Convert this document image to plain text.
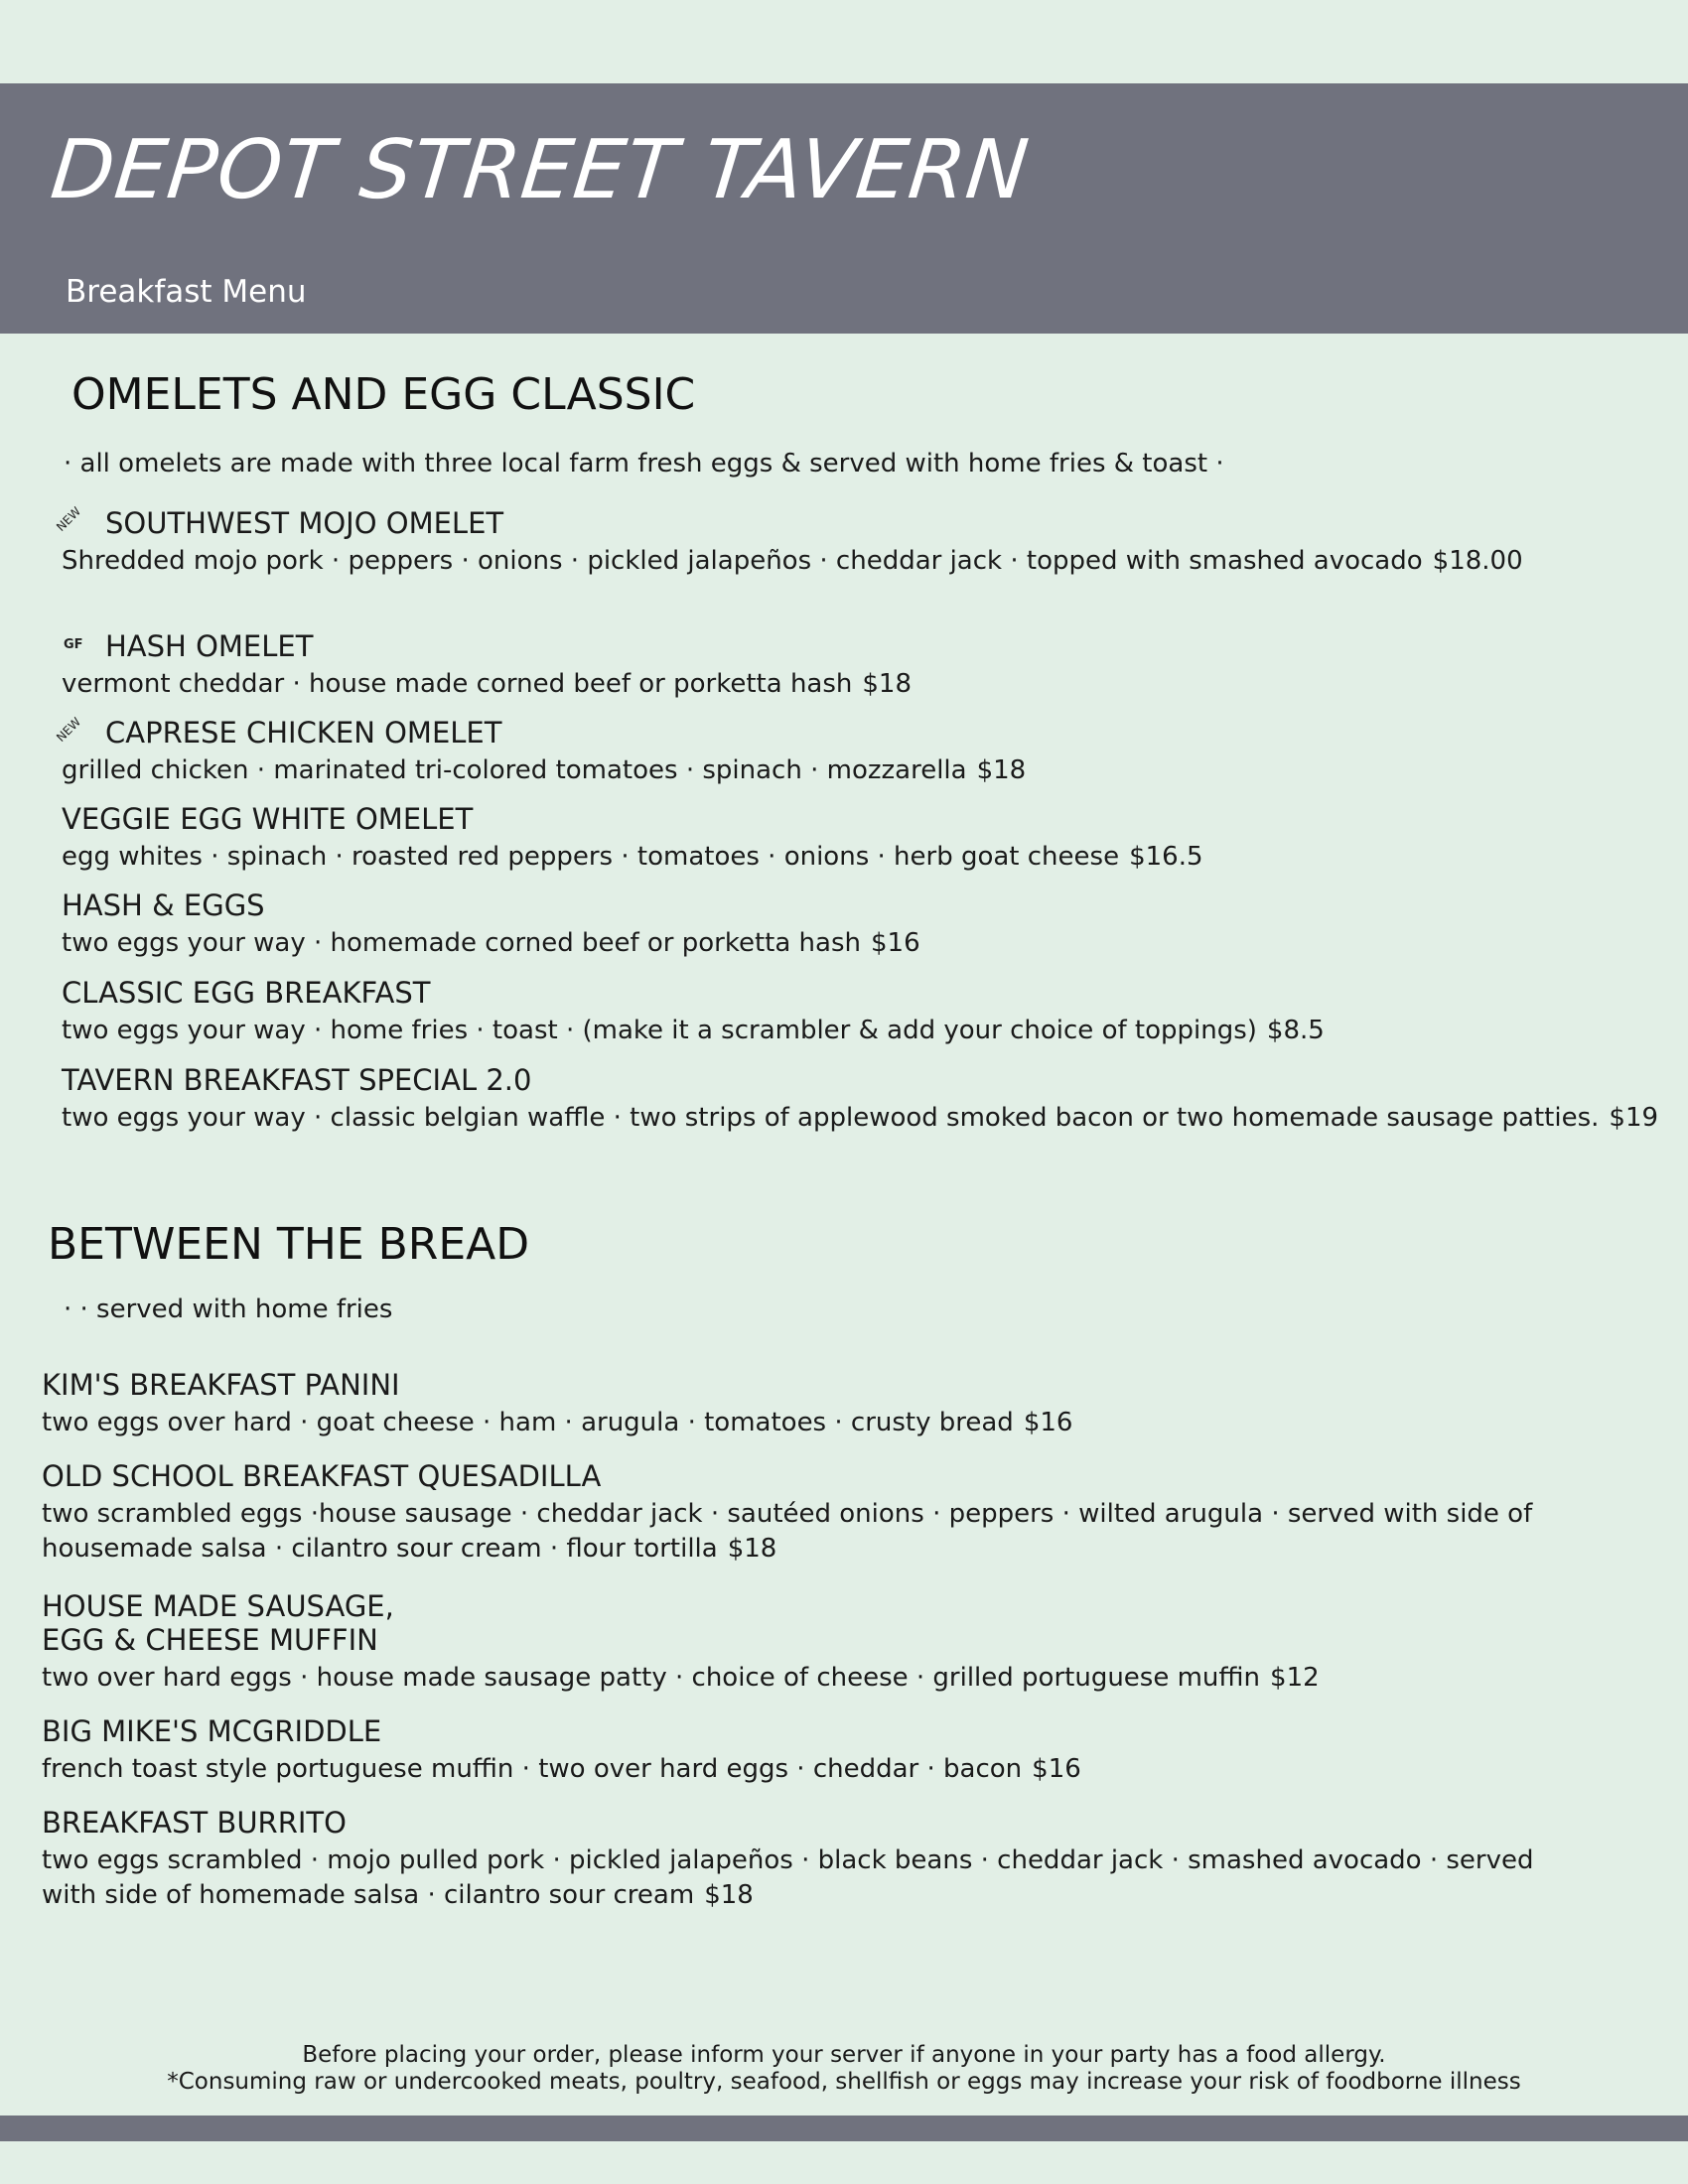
DEPOT STREET TAVERN
Breakfast Menu
OMELETS AND EGG CLASSIC
· all omelets are made with three local farm fresh eggs & served with home fries & toast ·
NEW SOUTHWEST MOJO OMELET
Shredded mojo pork · peppers · onions · pickled jalapeños · cheddar jack · topped with smashed avocado $18.00
GF HASH OMELET
vermont cheddar · house made corned beef or porketta hash $18
NEW CAPRESE CHICKEN OMELET
grilled chicken · marinated tri-colored tomatoes · spinach · mozzarella $18
VEGGIE EGG WHITE OMELET
egg whites · spinach · roasted red peppers · tomatoes · onions · herb goat cheese $16.5
HASH & EGGS
two eggs your way · homemade corned beef or porketta hash $16
CLASSIC EGG BREAKFAST
two eggs your way · home fries · toast · (make it a scrambler & add your choice of toppings) $8.5
TAVERN BREAKFAST SPECIAL 2.0
two eggs your way · classic belgian waffle · two strips of applewood smoked bacon or two homemade sausage patties. $19
BETWEEN THE BREAD
· · served with home fries
KIM'S BREAKFAST PANINI
two eggs over hard · goat cheese · ham · arugula · tomatoes · crusty bread $16
OLD SCHOOL BREAKFAST QUESADILLA
two scrambled eggs ·house sausage · cheddar jack · sautéed onions · peppers · wilted arugula · served with side of housemade salsa · cilantro sour cream · flour tortilla $18
HOUSE MADE SAUSAGE,
EGG & CHEESE MUFFIN
two over hard eggs · house made sausage patty · choice of cheese · grilled portuguese muffin $12
BIG MIKE'S MCGRIDDLE
french toast style portuguese muffin · two over hard eggs · cheddar · bacon $16
BREAKFAST BURRITO
two eggs scrambled · mojo pulled pork · pickled jalapeños · black beans · cheddar jack · smashed avocado · served with side of homemade salsa · cilantro sour cream $18
Before placing your order, please inform your server if anyone in your party has a food allergy.
*Consuming raw or undercooked meats, poultry, seafood, shellfish or eggs may increase your risk of foodborne illness
